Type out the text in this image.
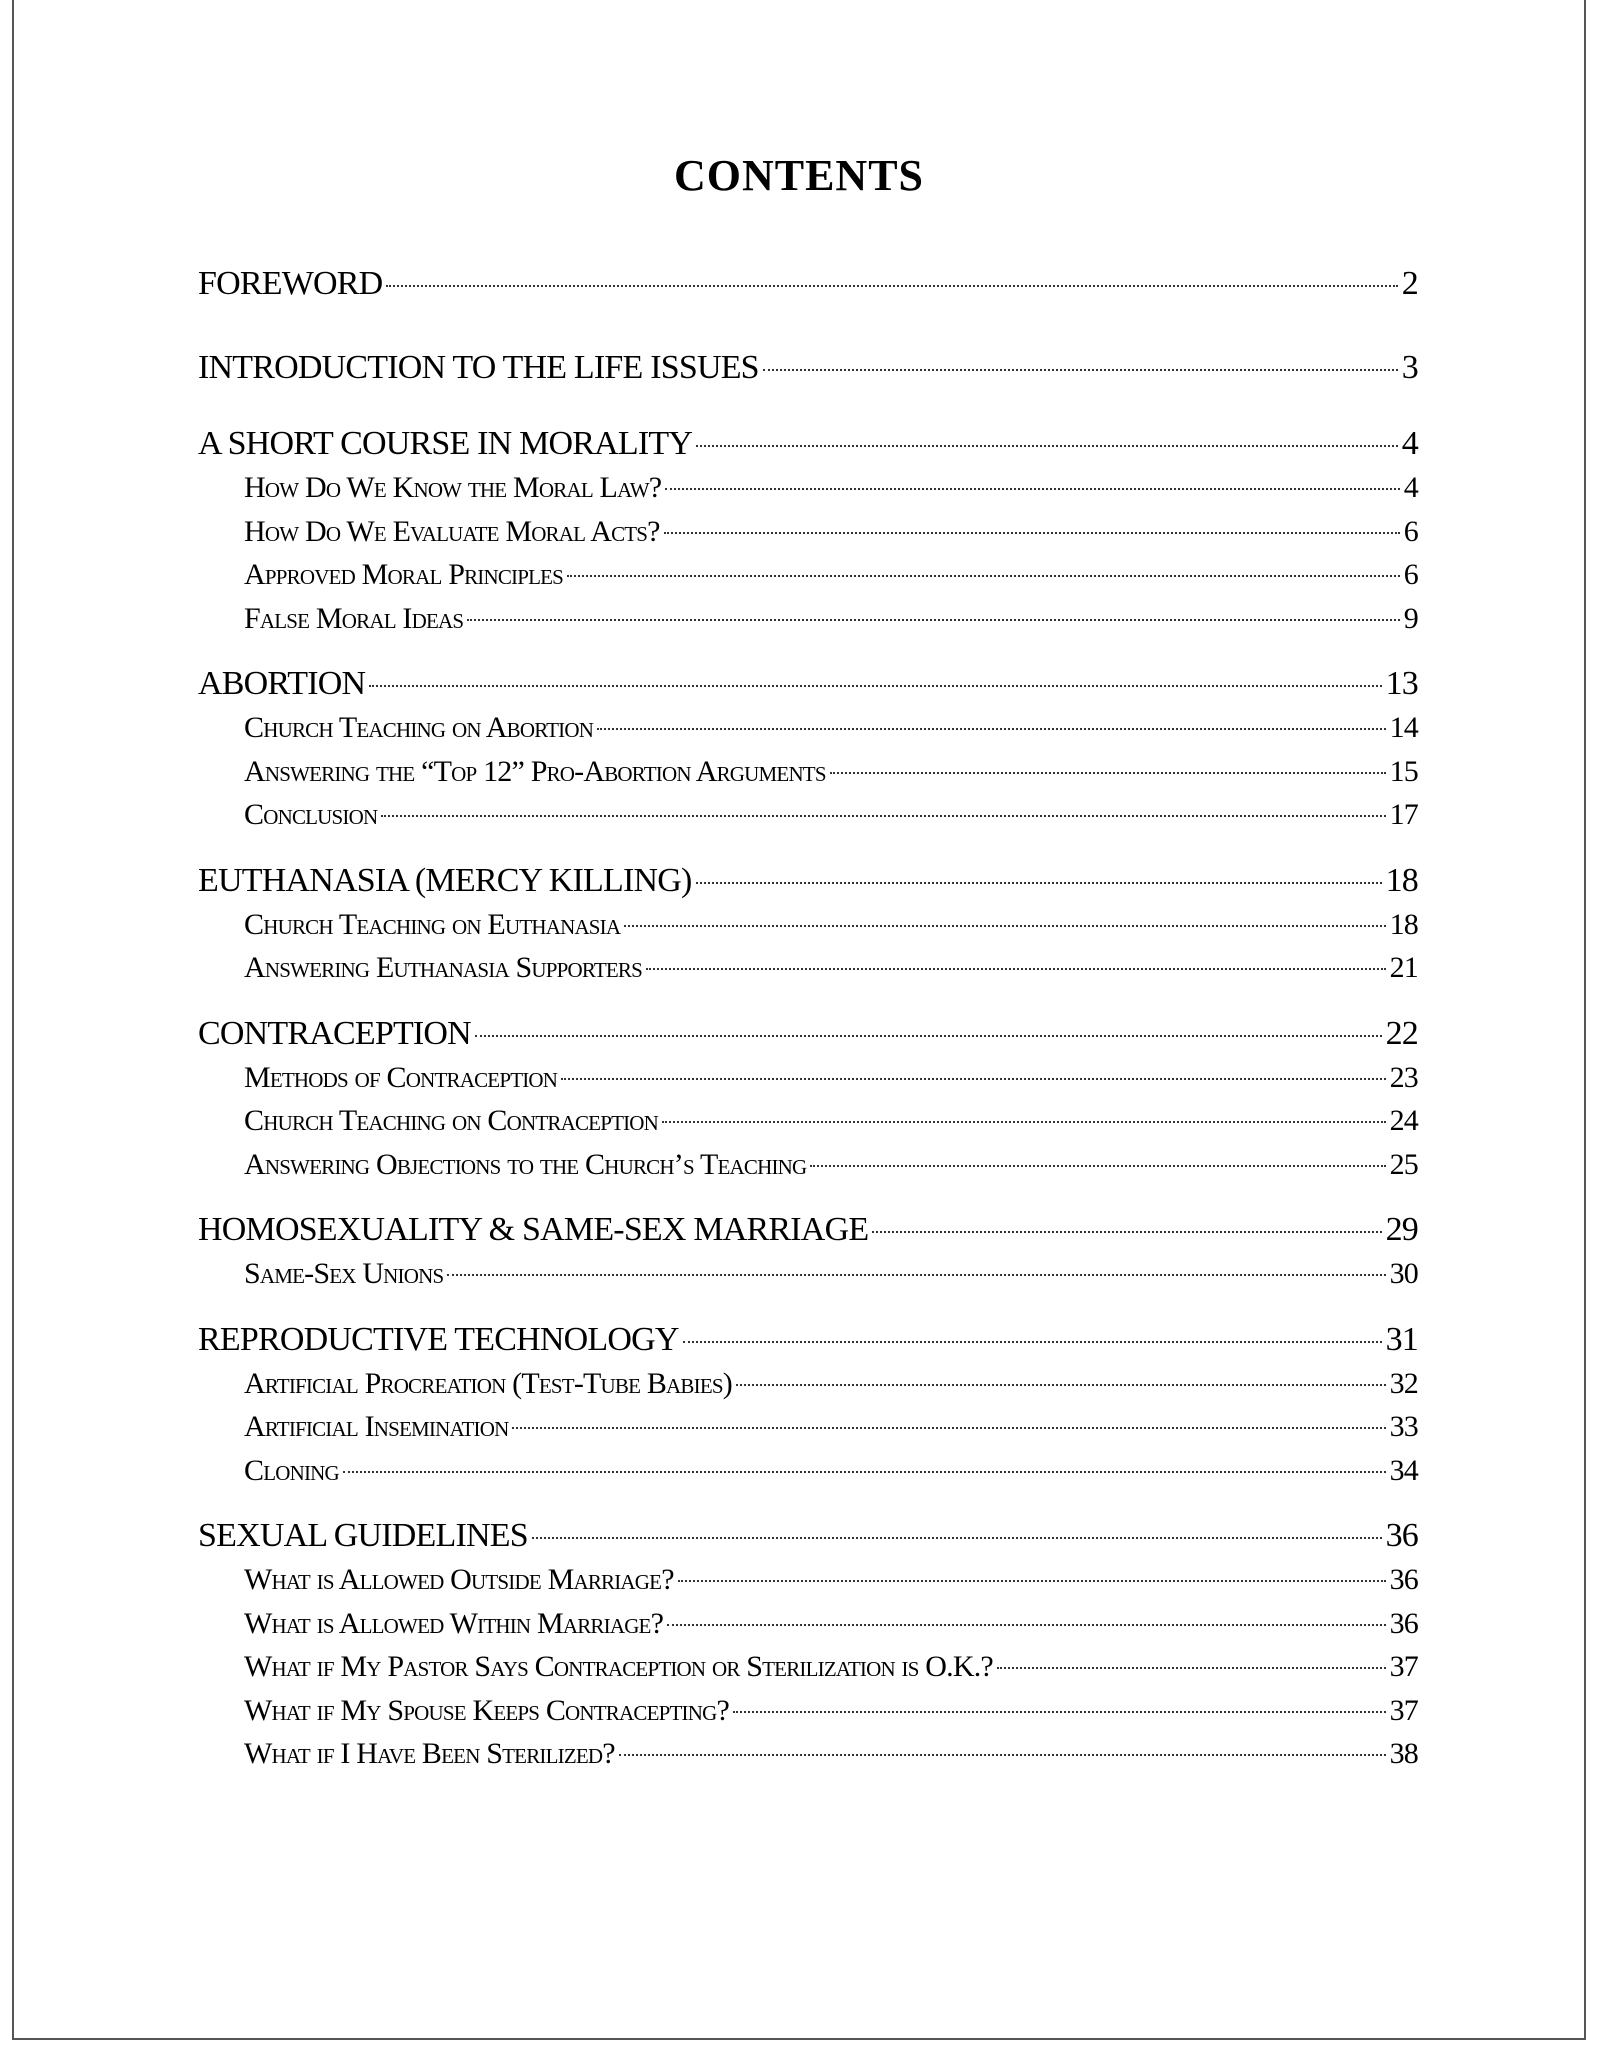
CONTENTS
FOREWORD	2
INTRODUCTION TO THE LIFE ISSUES	3
A SHORT COURSE IN MORALITY	4
How Do We Know the Moral Law?	4
How Do We Evaluate Moral Acts?	6
Approved Moral Principles	6
False Moral Ideas	9
ABORTION	13
Church Teaching on Abortion	14
Answering the “Top 12” Pro-Abortion Arguments	15
Conclusion	17
EUTHANASIA (MERCY KILLING)	18
Church Teaching on Euthanasia	18
Answering Euthanasia Supporters	21
CONTRACEPTION	22
Methods of Contraception	23
Church Teaching on Contraception	24
Answering Objections to the Church’s Teaching	25
HOMOSEXUALITY & SAME-SEX MARRIAGE	29
Same-Sex Unions	30
REPRODUCTIVE TECHNOLOGY	31
Artificial Procreation (Test-Tube Babies)	32
Artificial Insemination	33
Cloning	34
SEXUAL GUIDELINES	36
What is Allowed Outside Marriage?	36
What is Allowed Within Marriage?	36
What if My Pastor Says Contraception or Sterilization is O.K.?	37
What if My Spouse Keeps Contracepting?	37
What if I Have Been Sterilized?	38
